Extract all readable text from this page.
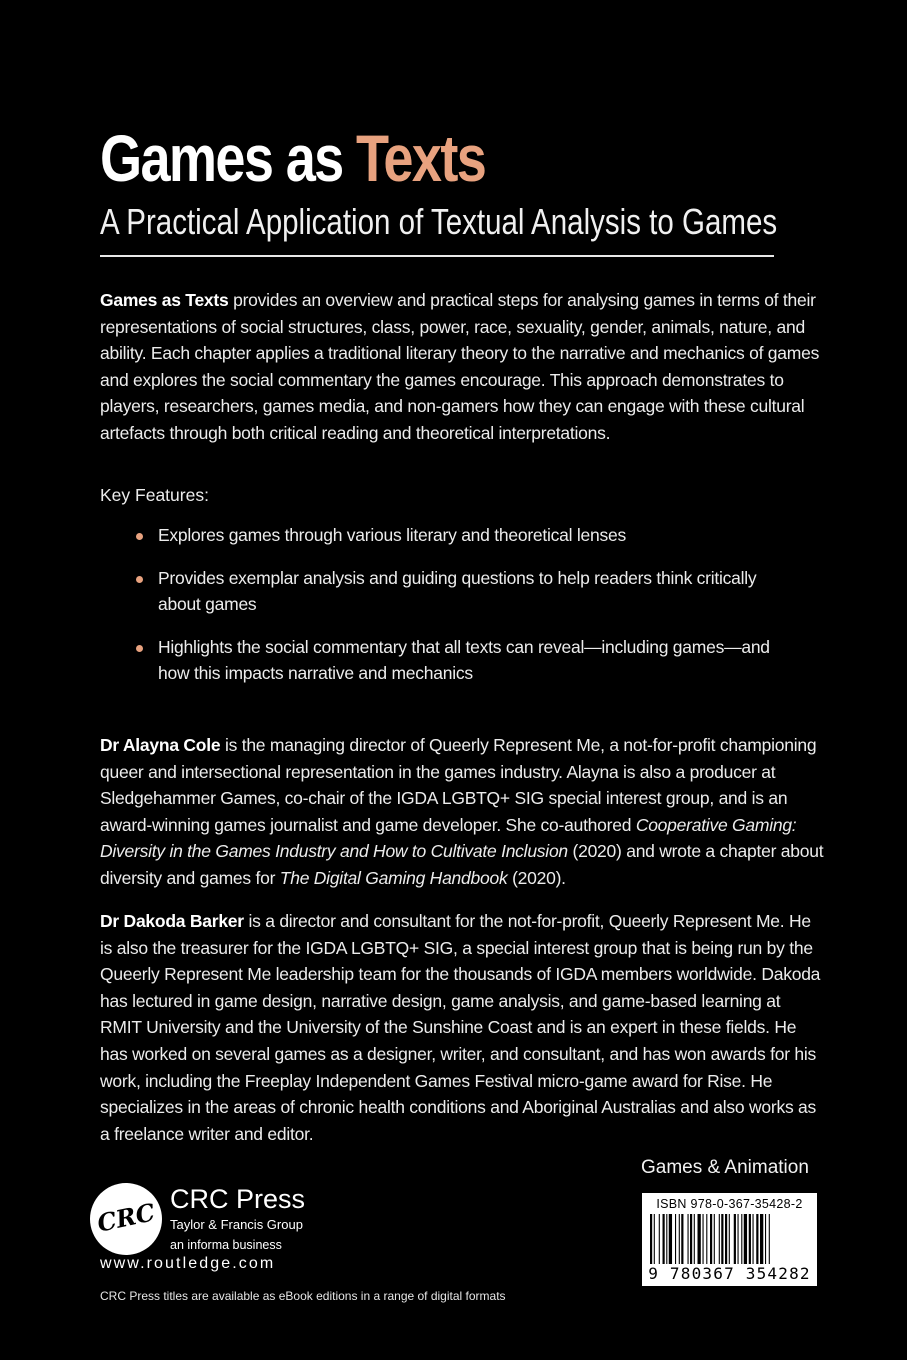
Games as Texts
A Practical Application of Textual Analysis to Games

Games as Texts provides an overview and practical steps for analysing games in terms of their representations of social structures, class, power, race, sexuality, gender, animals, nature, and ability. Each chapter applies a traditional literary theory to the narrative and mechanics of games and explores the social commentary the games encourage. This approach demonstrates to players, researchers, games media, and non-gamers how they can engage with these cultural artefacts through both critical reading and theoretical interpretations.

Key Features:
Explores games through various literary and theoretical lenses
Provides exemplar analysis and guiding questions to help readers think critically about games
Highlights the social commentary that all texts can reveal—including games—and how this impacts narrative and mechanics

Dr Alayna Cole is the managing director of Queerly Represent Me, a not-for-profit championing queer and intersectional representation in the games industry. Alayna is also a producer at Sledgehammer Games, co-chair of the IGDA LGBTQ+ SIG special interest group, and is an award-winning games journalist and game developer. She co-authored Cooperative Gaming: Diversity in the Games Industry and How to Cultivate Inclusion (2020) and wrote a chapter about diversity and games for The Digital Gaming Handbook (2020).

Dr Dakoda Barker is a director and consultant for the not-for-profit, Queerly Represent Me. He is also the treasurer for the IGDA LGBTQ+ SIG, a special interest group that is being run by the Queerly Represent Me leadership team for the thousands of IGDA members worldwide. Dakoda has lectured in game design, narrative design, game analysis, and game-based learning at RMIT University and the University of the Sunshine Coast and is an expert in these fields. He has worked on several games as a designer, writer, and consultant, and has won awards for his work, including the Freeplay Independent Games Festival micro-game award for Rise. He specializes in the areas of chronic health conditions and Aboriginal Australias and also works as a freelance writer and editor.

Games & Animation
ISBN 978-0-367-35428-2
9 780367 354282
CRC CRC Press
Taylor & Francis Group
an informa business
www.routledge.com
CRC Press titles are available as eBook editions in a range of digital formats
